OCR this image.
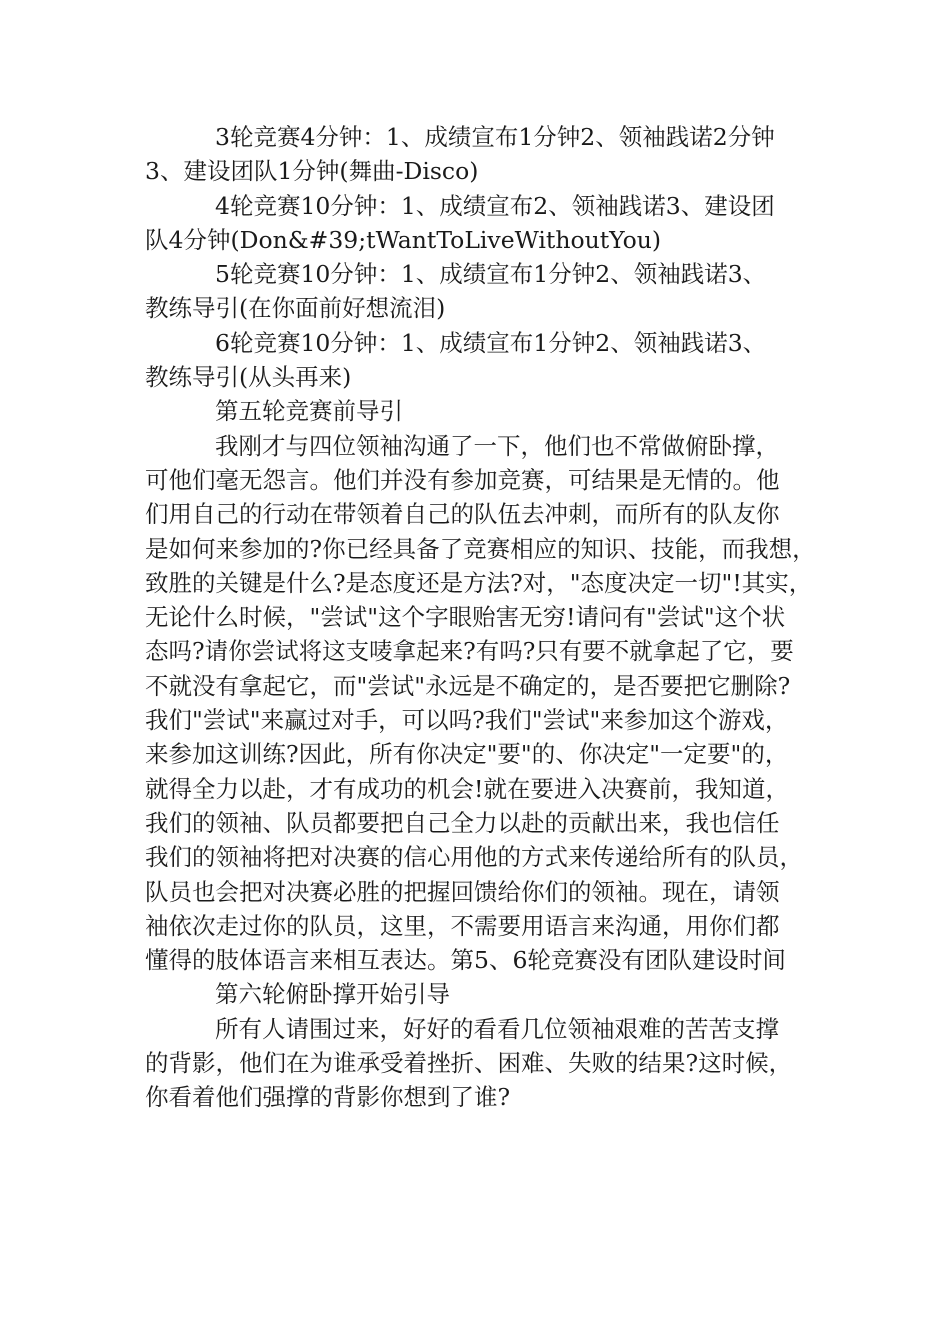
3轮竞赛4分钟：1、成绩宣布1分钟2、领袖践诺2分钟
3、建设团队1分钟(舞曲-Disco)
4轮竞赛10分钟：1、成绩宣布2、领袖践诺3、建设团
队4分钟(Don&#39;tWantToLiveWithoutYou)
5轮竞赛10分钟：1、成绩宣布1分钟2、领袖践诺3、
教练导引(在你面前好想流泪)
6轮竞赛10分钟：1、成绩宣布1分钟2、领袖践诺3、
教练导引(从头再来)
第五轮竞赛前导引
我刚才与四位领袖沟通了一下，他们也不常做俯卧撑，
可他们毫无怨言。他们并没有参加竞赛，可结果是无情的。他
们用自己的行动在带领着自己的队伍去冲刺，而所有的队友你
是如何来参加的?你已经具备了竞赛相应的知识、技能，而我想，
致胜的关键是什么?是态度还是方法?对，"态度决定一切"!其实，
无论什么时候，"尝试"这个字眼贻害无穷!请问有"尝试"这个状
态吗?请你尝试将这支唛拿起来?有吗?只有要不就拿起了它，要
不就没有拿起它，而"尝试"永远是不确定的，是否要把它删除?
我们"尝试"来赢过对手，可以吗?我们"尝试"来参加这个游戏，
来参加这训练?因此，所有你决定"要"的、你决定"一定要"的，
就得全力以赴，才有成功的机会!就在要进入决赛前，我知道，
我们的领袖、队员都要把自己全力以赴的贡献出来，我也信任
我们的领袖将把对决赛的信心用他的方式来传递给所有的队员，
队员也会把对决赛必胜的把握回馈给你们的领袖。现在，请领
袖依次走过你的队员，这里，不需要用语言来沟通，用你们都
懂得的肢体语言来相互表达。第5、6轮竞赛没有团队建设时间
第六轮俯卧撑开始引导
所有人请围过来，好好的看看几位领袖艰难的苦苦支撑
的背影，他们在为谁承受着挫折、困难、失败的结果?这时候，
你看着他们强撑的背影你想到了谁?
